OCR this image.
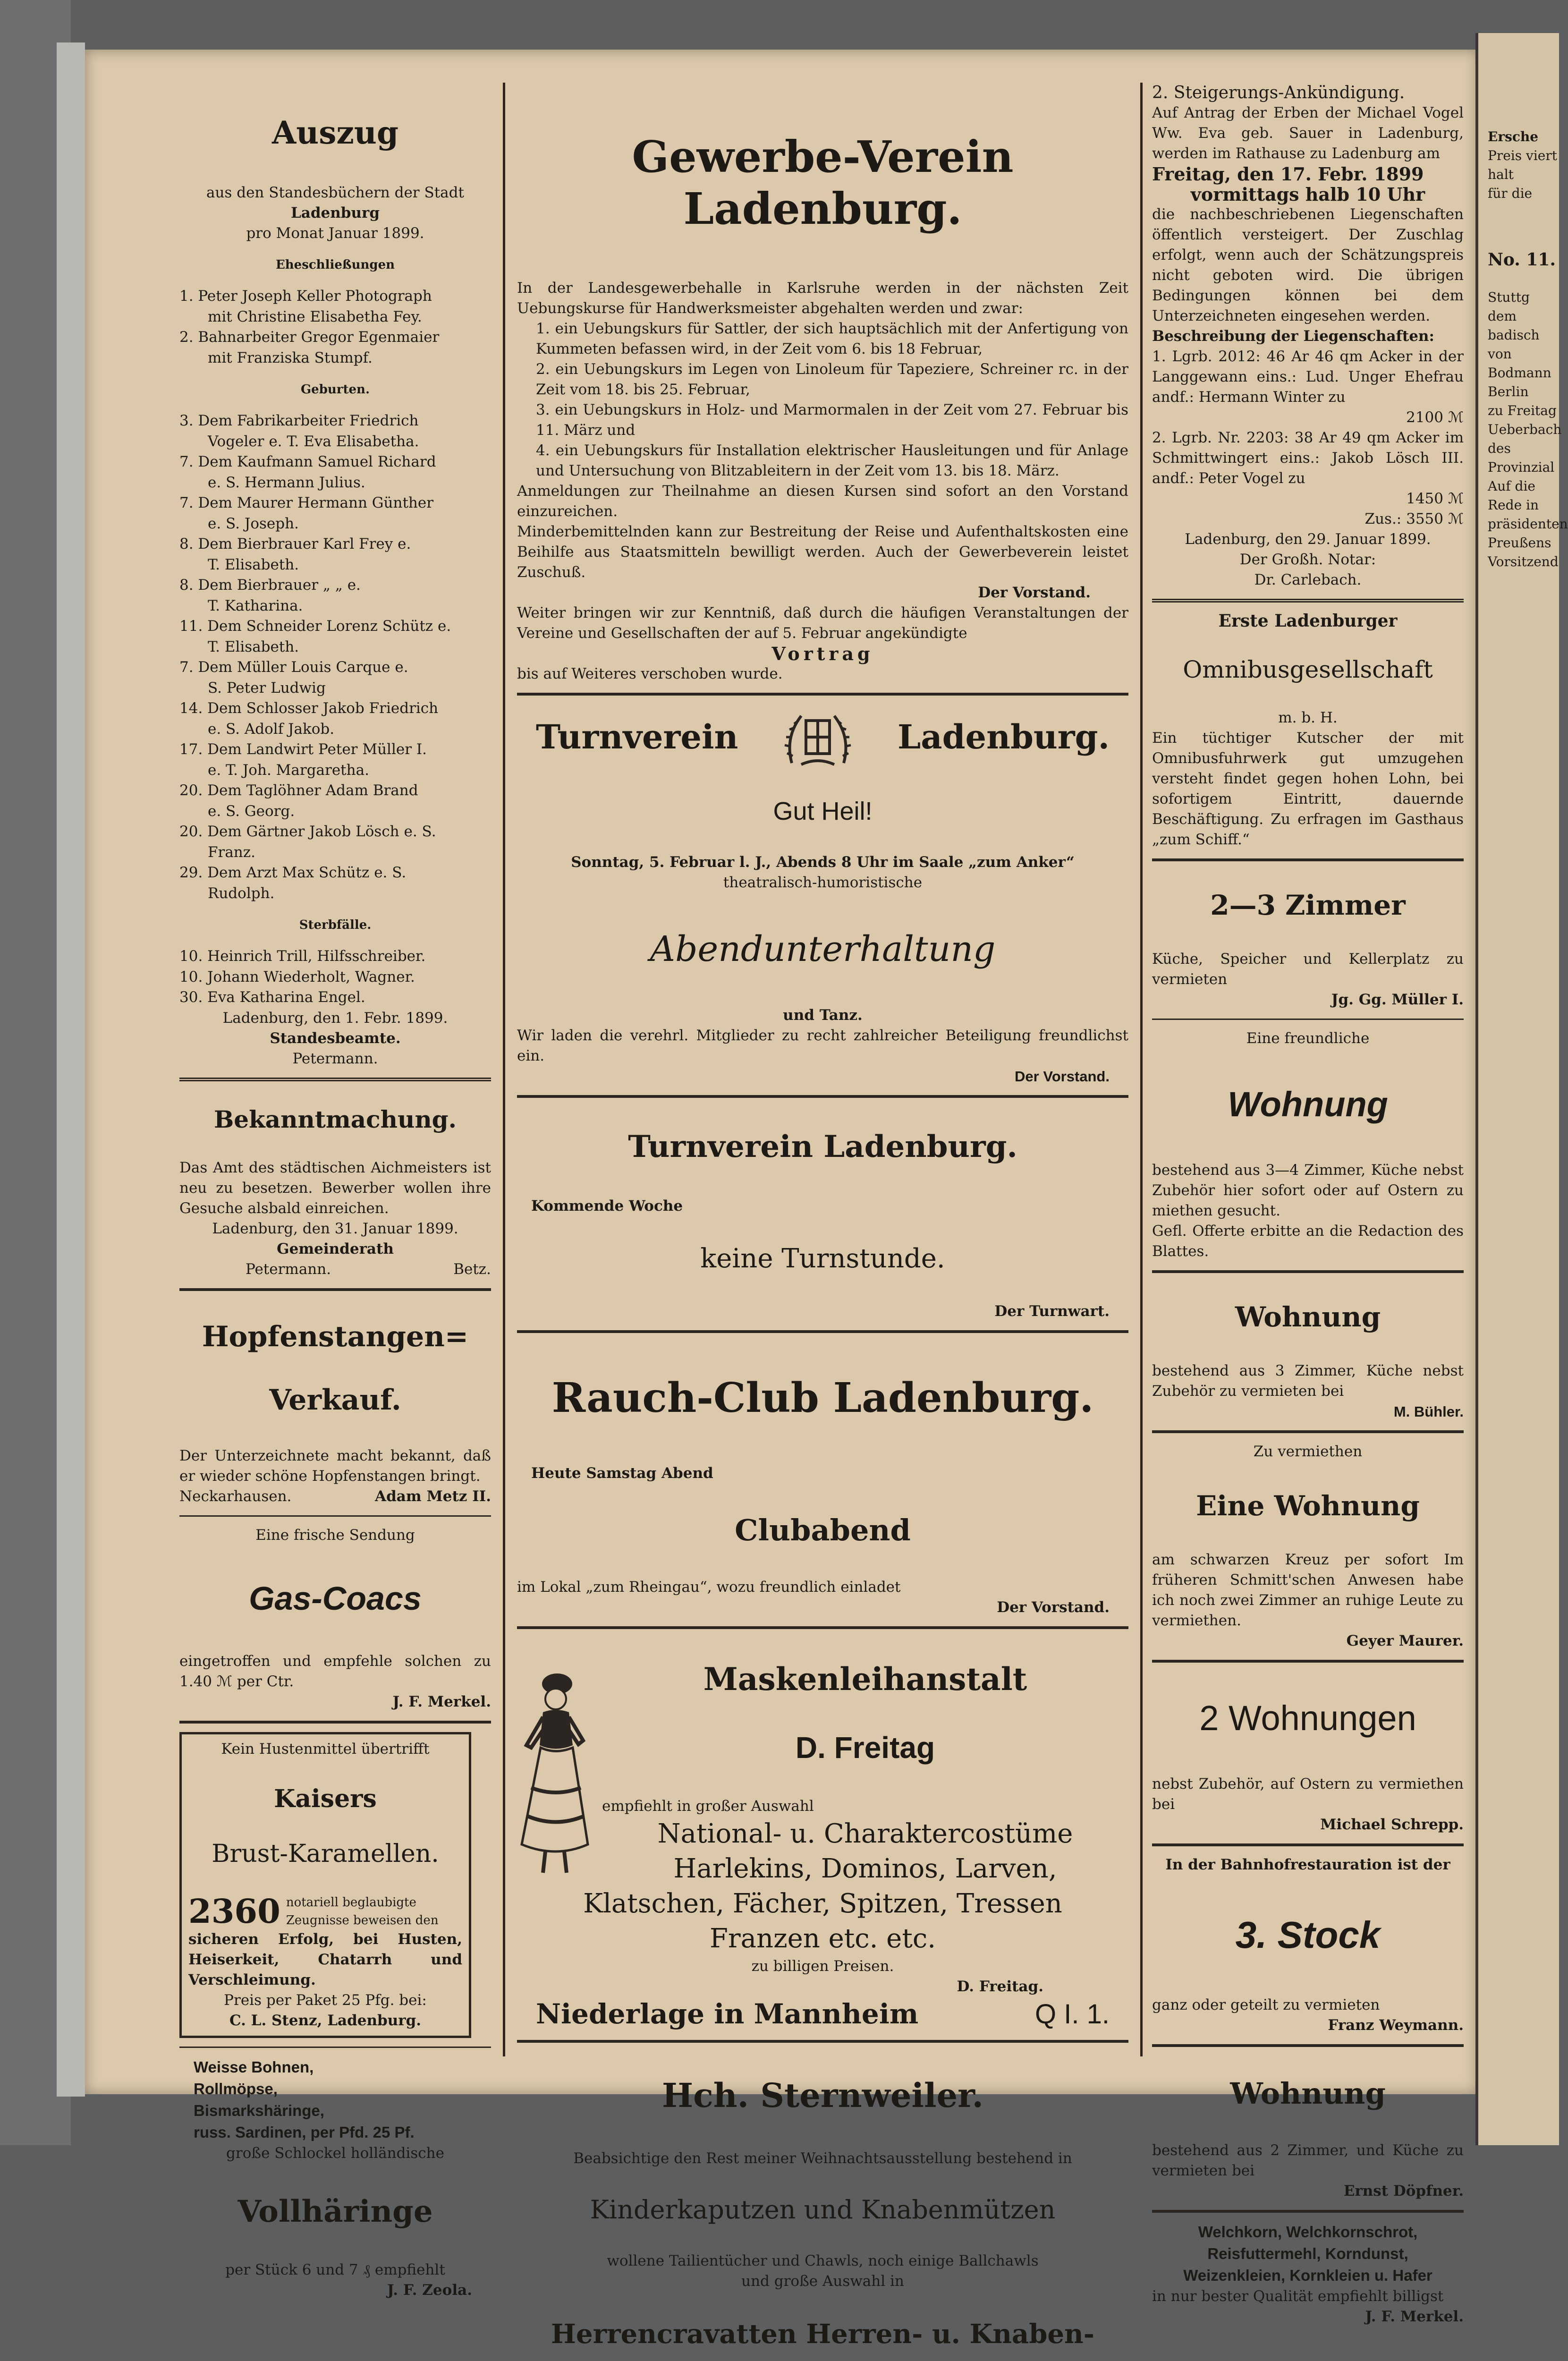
Auszug

aus den Standesbüchern der Stadt

Ladenburg

pro Monat Januar 1899.

Eheschließungen

1. Peter Joseph Keller Photograph
mit Christine Elisabetha Fey.
2. Bahnarbeiter Gregor Egenmaier
mit Franziska Stumpf.

Geburten.

3. Dem Fabrikarbeiter Friedrich
Vogeler e. T. Eva Elisabetha.
7. Dem Kaufmann Samuel Richard
e. S. Hermann Julius.
7. Dem Maurer Hermann Günther
e. S. Joseph.
8. Dem Bierbrauer Karl Frey e.
T. Elisabeth.
8. Dem Bierbrauer „ „ e.
T. Katharina.
11. Dem Schneider Lorenz Schütz e.
T. Elisabeth.
7. Dem Müller Louis Carque e.
S. Peter Ludwig
14. Dem Schlosser Jakob Friedrich
e. S. Adolf Jakob.
17. Dem Landwirt Peter Müller I.
e. T. Joh. Margaretha.
20. Dem Taglöhner Adam Brand
e. S. Georg.
20. Dem Gärtner Jakob Lösch e. S.
Franz.
29. Dem Arzt Max Schütz e. S.
Rudolph.

Sterbfälle.

10. Heinrich Trill, Hilfsschreiber.
10. Johann Wiederholt, Wagner.
30. Eva Katharina Engel.

Ladenburg, den 1. Febr. 1899.

Standesbeamte.

Petermann.

Bekanntmachung.

Das Amt des städtischen Aichmeisters ist neu zu besetzen. Bewerber wollen ihre Gesuche alsbald einreichen.

Ladenburg, den 31. Januar 1899.

Gemeinderath

Petermann.	Betz.

Hopfenstangen=

Verkauf.

Der Unterzeichnete macht bekannt, daß er wieder schöne Hopfenstangen bringt.

Neckarhausen.	Adam Metz II.

Eine frische Sendung

Gas-Coacs

eingetroffen und empfehle solchen zu 1.40 ℳ per Ctr.

J. F. Merkel.

Kein Hustenmittel übertrifft

Kaisers

Brust-Karamellen.

2360 notariell beglaubigte Zeugnisse beweisen den

sicheren Erfolg, bei Husten, Heiserkeit, Chatarrh und Verschleimung.

Preis per Paket 25 Pfg. bei:

C. L. Stenz, Ladenburg.

Weisse Bohnen,
Rollmöpse,
Bismarkshäringe,
russ. Sardinen, per Pfd. 25 Pf.

große Schlockel holländische

Vollhäringe

per Stück 6 und 7 ₰ empfiehlt

J. F. Zeola.

Gewerbe-Verein Ladenburg.

In der Landesgewerbehalle in Karlsruhe werden in der nächsten Zeit Uebungskurse für Handwerksmeister abgehalten werden und zwar:

1. ein Uebungskurs für Sattler, der sich hauptsächlich mit der Anfertigung von Kummeten befassen wird, in der Zeit vom 6. bis 18 Februar,

2. ein Uebungskurs im Legen von Linoleum für Tapeziere, Schreiner rc. in der Zeit vom 18. bis 25. Februar,

3. ein Uebungskurs in Holz- und Marmormalen in der Zeit vom 27. Februar bis 11. März und

4. ein Uebungskurs für Installation elektrischer Hausleitungen und für Anlage und Untersuchung von Blitzableitern in der Zeit vom 13. bis 18. März.

Anmeldungen zur Theilnahme an diesen Kursen sind sofort an den Vorstand einzureichen.

Minderbemittelnden kann zur Bestreitung der Reise und Aufenthaltskosten eine Beihilfe aus Staatsmitteln bewilligt werden. Auch der Gewerbeverein leistet Zuschuß.

Der Vorstand.

Weiter bringen wir zur Kenntniß, daß durch die häufigen Veranstaltungen der Vereine und Gesellschaften der auf 5. Februar angekündigte

Vortrag

bis auf Weiteres verschoben wurde.

Turnverein	Ladenburg.

Gut Heil!

Sonntag, 5. Februar l. J., Abends 8 Uhr im Saale „zum Anker“

theatralisch-humoristische

Abendunterhaltung

und Tanz.

Wir laden die verehrl. Mitglieder zu recht zahlreicher Beteiligung freundlichst ein.

Der Vorstand.

Turnverein Ladenburg.

Kommende Woche

keine Turnstunde.

Der Turnwart.

Rauch-Club Ladenburg.

Heute Samstag Abend

Clubabend

im Lokal „zum Rheingau“, wozu freundlich einladet

Der Vorstand.

Maskenleihanstalt

D. Freitag

empfiehlt in großer Auswahl

National- u. Charaktercostüme
Harlekins, Dominos, Larven,
Klatschen, Fächer, Spitzen, Tressen
Franzen etc. etc.

zu billigen Preisen.

D. Freitag.

Niederlage in Mannheim	Q I. 1.

Hch. Sternweiler.

Beabsichtige den Rest meiner Weihnachtsausstellung bestehend in

Kinderkaputzen und Knabenmützen

wollene Tailientücher und Chawls, noch einige Ballchawls

und große Auswahl in

Herrencravatten Herren- u. Knaben-

2. Steigerungs-Ankündigung.

Auf Antrag der Erben der Michael Vogel Ww. Eva geb. Sauer in Ladenburg, werden im Rathause zu Ladenburg am

Freitag, den 17. Febr. 1899

vormittags halb 10 Uhr

die nachbeschriebenen Liegenschaften öffentlich versteigert. Der Zuschlag erfolgt, wenn auch der Schätzungspreis nicht geboten wird. Die übrigen Bedingungen können bei dem Unterzeichneten eingesehen werden.

Beschreibung der Liegenschaften:

1. Lgrb. 2012: 46 Ar 46 qm Acker in der Langgewann eins.: Lud. Unger Ehefrau andf.: Hermann Winter zu

2100 ℳ

2. Lgrb. Nr. 2203: 38 Ar 49 qm Acker im Schmittwingert eins.: Jakob Lösch III. andf.: Peter Vogel zu

1450 ℳ

Zus.: 3550 ℳ

Ladenburg, den 29. Januar 1899.

Der Großh. Notar:

Dr. Carlebach.

Erste Ladenburger

Omnibusgesellschaft

m. b. H.

Ein tüchtiger Kutscher der mit Omnibusfuhrwerk gut umzugehen versteht findet gegen hohen Lohn, bei sofortigem Eintritt, dauernde Beschäftigung. Zu erfragen im Gasthaus „zum Schiff.“

2—3 Zimmer

Küche, Speicher und Kellerplatz zu vermieten

Jg. Gg. Müller I.

Eine freundliche

Wohnung

bestehend aus 3—4 Zimmer, Küche nebst Zubehör hier sofort oder auf Ostern zu miethen gesucht.

Gefl. Offerte erbitte an die Redaction des Blattes.

Wohnung

bestehend aus 3 Zimmer, Küche nebst Zubehör zu vermieten bei

M. Bühler.

Zu vermiethen

Eine Wohnung

am schwarzen Kreuz per sofort Im früheren Schmitt'schen Anwesen habe ich noch zwei Zimmer an ruhige Leute zu vermiethen.

Geyer Maurer.

2 Wohnungen

nebst Zubehör, auf Ostern zu vermiethen bei

Michael Schrepp.

In der Bahnhofrestauration ist der

3. Stock

ganz oder geteilt zu vermieten

Franz Weymann.

Wohnung

bestehend aus 2 Zimmer, und Küche zu vermieten bei

Ernst Döpfner.

Welchkorn, Welchkornschrot,
Reisfuttermehl, Korndunst,
Weizenkleien, Kornkleien u. Hafer

in nur bester Qualität empfiehlt billigst

J. F. Merkel.

Ersche
Preis viert
halt
für die
No. 11.
Stuttg
dem badisch
von Bodmann
Berlin
zu Freitag
Ueberbach
des Provinzial
Auf die
Rede in
präsidenten
Preußens
Vorsitzend
